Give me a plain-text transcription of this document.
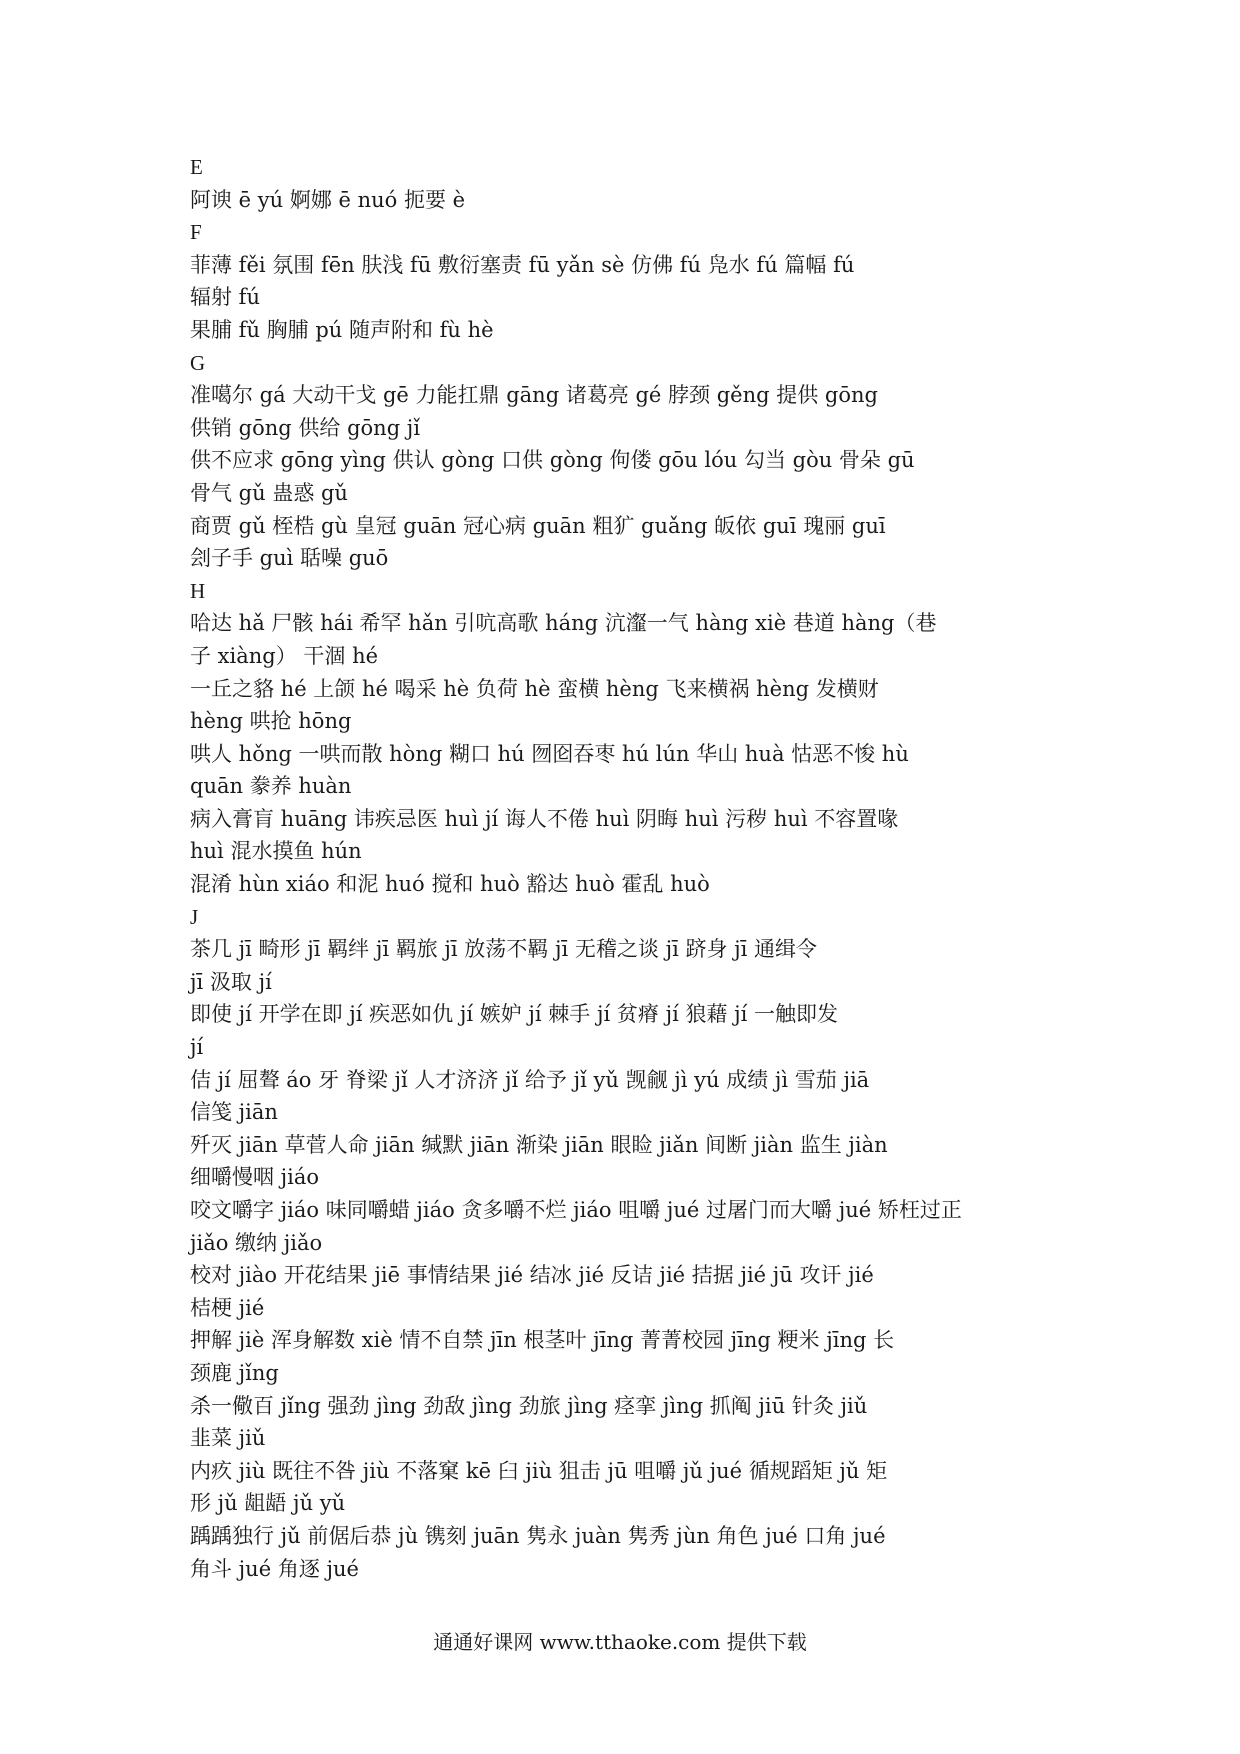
E
阿谀 ē yú 婀娜 ē nuó 扼要 è
F
菲薄 fěi 氛围 fēn 肤浅 fū 敷衍塞责 fū yǎn sè 仿佛 fú 凫水 fú 篇幅 fú
辐射 fú
果脯 fǔ 胸脯 pú 随声附和 fù hè
G
准噶尔 gá 大动干戈 gē 力能扛鼎 gāng 诸葛亮 gé 脖颈 gěng 提供 gōng
供销 gōng 供给 gōng jǐ
供不应求 gōng yìng 供认 gòng 口供 gòng 佝偻 gōu lóu 勾当 gòu 骨朵 gū
骨气 gǔ 蛊惑 gǔ
商贾 gǔ 桎梏 gù 皇冠 guān 冠心病 guān 粗犷 guǎng 皈依 guī 瑰丽 guī
刽子手 guì 聒噪 guō
H
哈达 hǎ 尸骸 hái 希罕 hǎn 引吭高歌 háng 沆瀣一气 hàng xiè 巷道 hàng（巷
子 xiàng） 干涸 hé
一丘之貉 hé 上颌 hé 喝采 hè 负荷 hè 蛮横 hèng 飞来横祸 hèng 发横财
hèng 哄抢 hōng
哄人 hǒng 一哄而散 hòng 糊口 hú 囫囵吞枣 hú lún 华山 huà 怙恶不悛 hù
quān 豢养 huàn
病入膏肓 huāng 讳疾忌医 huì jí 诲人不倦 huì 阴晦 huì 污秽 huì 不容置喙
huì 混水摸鱼 hún
混淆 hùn xiáo 和泥 huó 搅和 huò 豁达 huò 霍乱 huò
J
茶几 jī 畸形 jī 羁绊 jī 羁旅 jī 放荡不羁 jī 无稽之谈 jī 跻身 jī 通缉令
jī 汲取 jí
即使 jí 开学在即 jí 疾恶如仇 jí 嫉妒 jí 棘手 jí 贫瘠 jí 狼藉 jí 一触即发
jí
佶 jí 屈聱 áo 牙 脊梁 jǐ 人才济济 jǐ 给予 jǐ yǔ 觊觎 jì yú 成绩 jì 雪茄 jiā
信笺 jiān
歼灭 jiān 草菅人命 jiān 缄默 jiān 渐染 jiān 眼睑 jiǎn 间断 jiàn 监生 jiàn
细嚼慢咽 jiáo
咬文嚼字 jiáo 味同嚼蜡 jiáo 贪多嚼不烂 jiáo 咀嚼 jué 过屠门而大嚼 jué 矫枉过正
jiǎo 缴纳 jiǎo
校对 jiào 开花结果 jiē 事情结果 jié 结冰 jié 反诘 jié 拮据 jié jū 攻讦 jié
桔梗 jié
押解 jiè 浑身解数 xiè 情不自禁 jīn 根茎叶 jīng 菁菁校园 jīng 粳米 jīng 长
颈鹿 jǐng
杀一儆百 jǐng 强劲 jìng 劲敌 jìng 劲旅 jìng 痉挛 jìng 抓阄 jiū 针灸 jiǔ
韭菜 jiǔ
内疚 jiù 既往不咎 jiù 不落窠 kē 臼 jiù 狙击 jū 咀嚼 jǔ jué 循规蹈矩 jǔ 矩
形 jǔ 龃龉 jǔ yǔ
踽踽独行 jǔ 前倨后恭 jù 镌刻 juān 隽永 juàn 隽秀 jùn 角色 jué 口角 jué
角斗 jué 角逐 jué
通通好课网 www.tthaoke.com 提供下载
